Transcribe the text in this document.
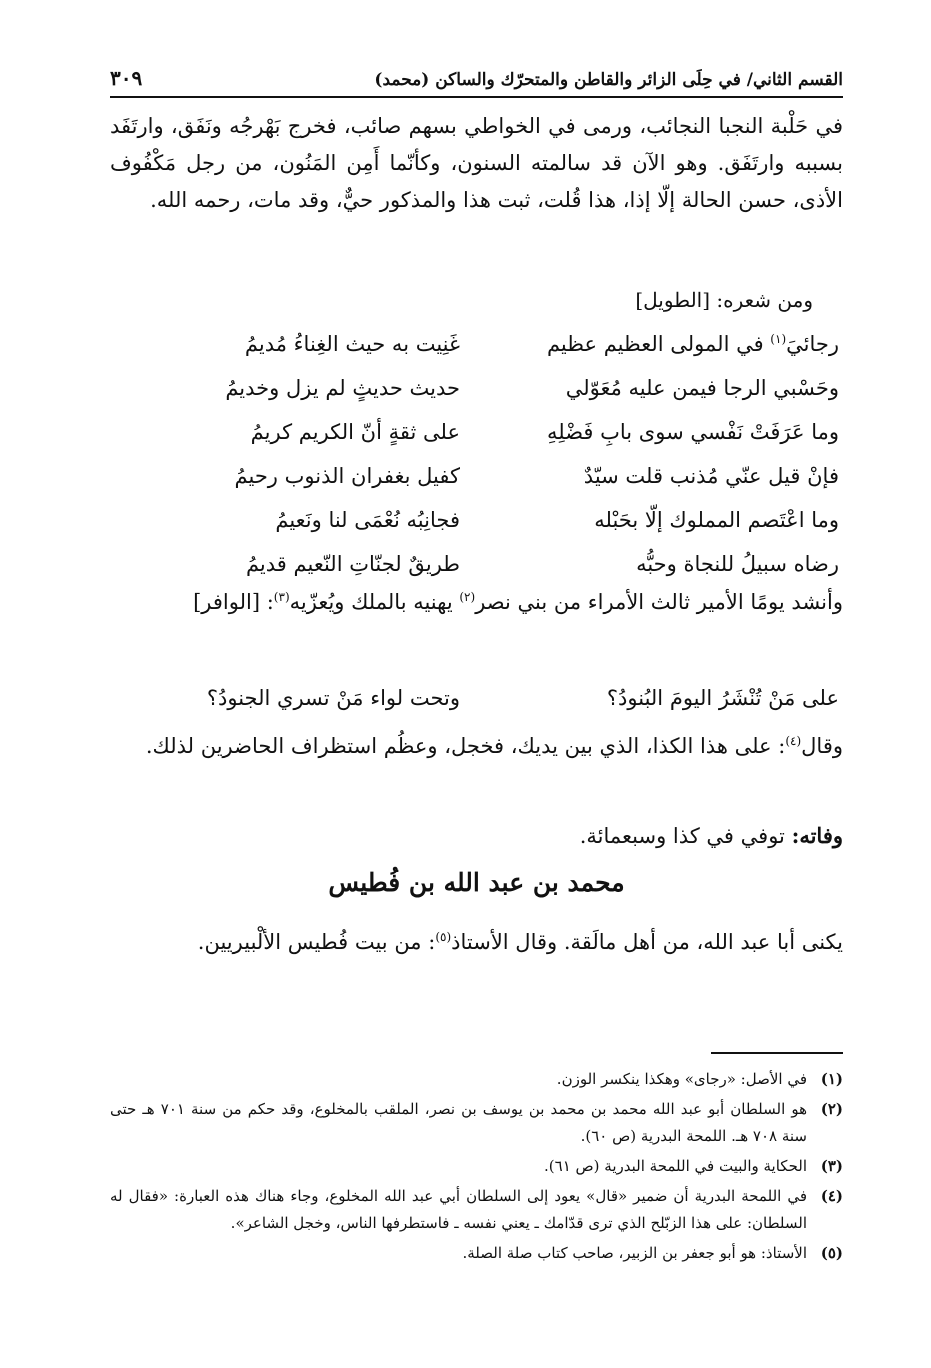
القسم الثاني/ في حِلَى الزائر والقاطن والمتحرّك والساكن (محمد)
٣٠٩

في حَلْبة النجبا النجائب، ورمى في الخواطي بسهم صائب، فخرج بَهْرجُه ونَفَق، وارتَفَد بسببه وارتَفَق. وهو الآن قد سالمته السنون، وكأنّما أَمِن المَنُون، من رجل مَكْفُوف الأذى، حسن الحالة إلّا إذا، هذا قُلت، ثبت هذا والمذكور حيٌّ، وقد مات، رحمه الله.

ومن شعره: [الطويل]

رجائيَ$^{(١)}$ في المولى العظيم عظيم
غَنِيت به حيث الغِناءُ مُديمُ
وحَسْبي الرجا فيمن عليه مُعَوّلي
حديث حديثٍ لم يزل وخديمُ
وما عَرَفَتْ نَفْسي سوى بابِ فَضْلِهِ
على ثقةٍ أنّ الكريم كريمُ
فإنْ قيل عنّي مُذنب قلت سيّدٌ
كفيل بغفران الذنوب رحيمُ
وما اعْتَصم المملوك إلّا بحَبْله
فجانِبُه نُعْمَى لنا ونَعيمُ
رضاه سبيلُ للنجاة وحبُّه
طريقٌ لجنّاتِ النّعيم قديمُ

وأنشد يومًا الأمير ثالث الأمراء من بني نصر$^{(٢)}$ يهنيه بالملك ويُعزّيه$^{(٣)}$: [الوافر]

على مَنْ تُنْشَرُ اليومَ البُنودُ؟
وتحت لواء مَنْ تسري الجنودُ؟

وقال$^{(٤)}$: على هذا الكذا، الذي بين يديك، فخجل، وعظُم استظراف الحاضرين لذلك.

وفاته: توفي في كذا وسبعمائة.

محمد بن عبد الله بن فُطيس

يكنى أبا عبد الله، من أهل مالَقة. وقال الأستاذ$^{(٥)}$: من بيت فُطيس الألْبيريين.

(١)
في الأصل: «رجاى» وهكذا ينكسر الوزن.
(٢)
هو السلطان أبو عبد الله محمد بن محمد بن يوسف بن نصر، الملقب بالمخلوع، وقد حكم من سنة ٧٠١ هـ حتى سنة ٧٠٨ هـ. اللمحة البدرية (ص ٦٠).
(٣)
الحكاية والبيت في اللمحة البدرية (ص ٦١).
(٤)
في اللمحة البدرية أن ضمير «قال» يعود إلى السلطان أبي عبد الله المخلوع، وجاء هناك هذه العبارة: «فقال له السلطان: على هذا الزبّلح الذي ترى قدّامك ـ يعني نفسه ـ فاستطرفها الناس، وخجل الشاعر».
(٥)
الأستاذ: هو أبو جعفر بن الزبير، صاحب كتاب صلة الصلة.
